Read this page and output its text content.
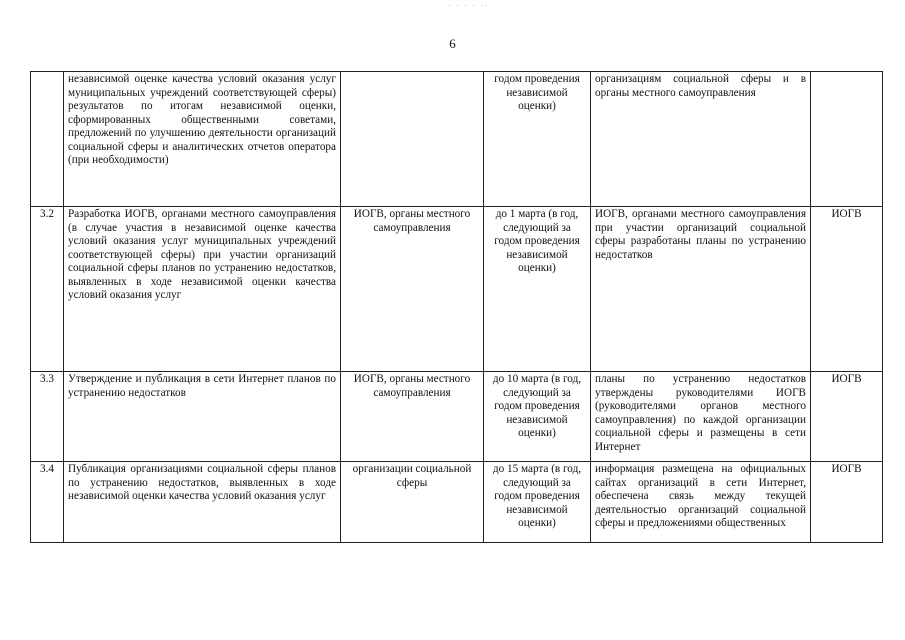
· · · · ··
6
	независимой оценке качества условий оказания услуг муниципальных учреждений соответствующей сферы) результатов по итогам независимой оценки, сформированных общественными советами, предложений по улучшению деятельности организаций социальной сферы и аналитических отчетов оператора (при необходимости)		годом проведения независимой оценки)	организациям социальной сферы и в органы местного самоуправления	
3.2	Разработка ИОГВ, органами местного самоуправления (в случае участия в независимой оценке качества условий оказания услуг муниципальных учреждений соответствующей сферы) при участии организаций социальной сферы планов по устранению недостатков, выявленных в ходе независимой оценки качества условий оказания услуг	ИОГВ, органы местного самоуправления	до 1 марта (в год, следующий за годом проведения независимой оценки)	ИОГВ, органами местного самоуправления при участии организаций социальной сферы разработаны планы по устранению недостатков	ИОГВ
3.3	Утверждение и публикация в сети Интернет планов по устранению недостатков	ИОГВ, органы местного самоуправления	до 10 марта (в год, следующий за годом проведения независимой оценки)	планы по устранению недостатков утверждены руководителями ИОГВ (руководителями органов местного самоуправления) по каждой организации социальной сферы и размещены в сети Интернет	ИОГВ
3.4	Публикация организациями социальной сферы планов по устранению недостатков, выявленных в ходе независимой оценки качества условий оказания услуг	организации социальной сферы	до 15 марта (в год, следующий за годом проведения независимой оценки)	информация размещена на официальных сайтах организаций в сети Интернет, обеспечена связь между текущей деятельностью организаций социальной сферы и предложениями общественных	ИОГВ
